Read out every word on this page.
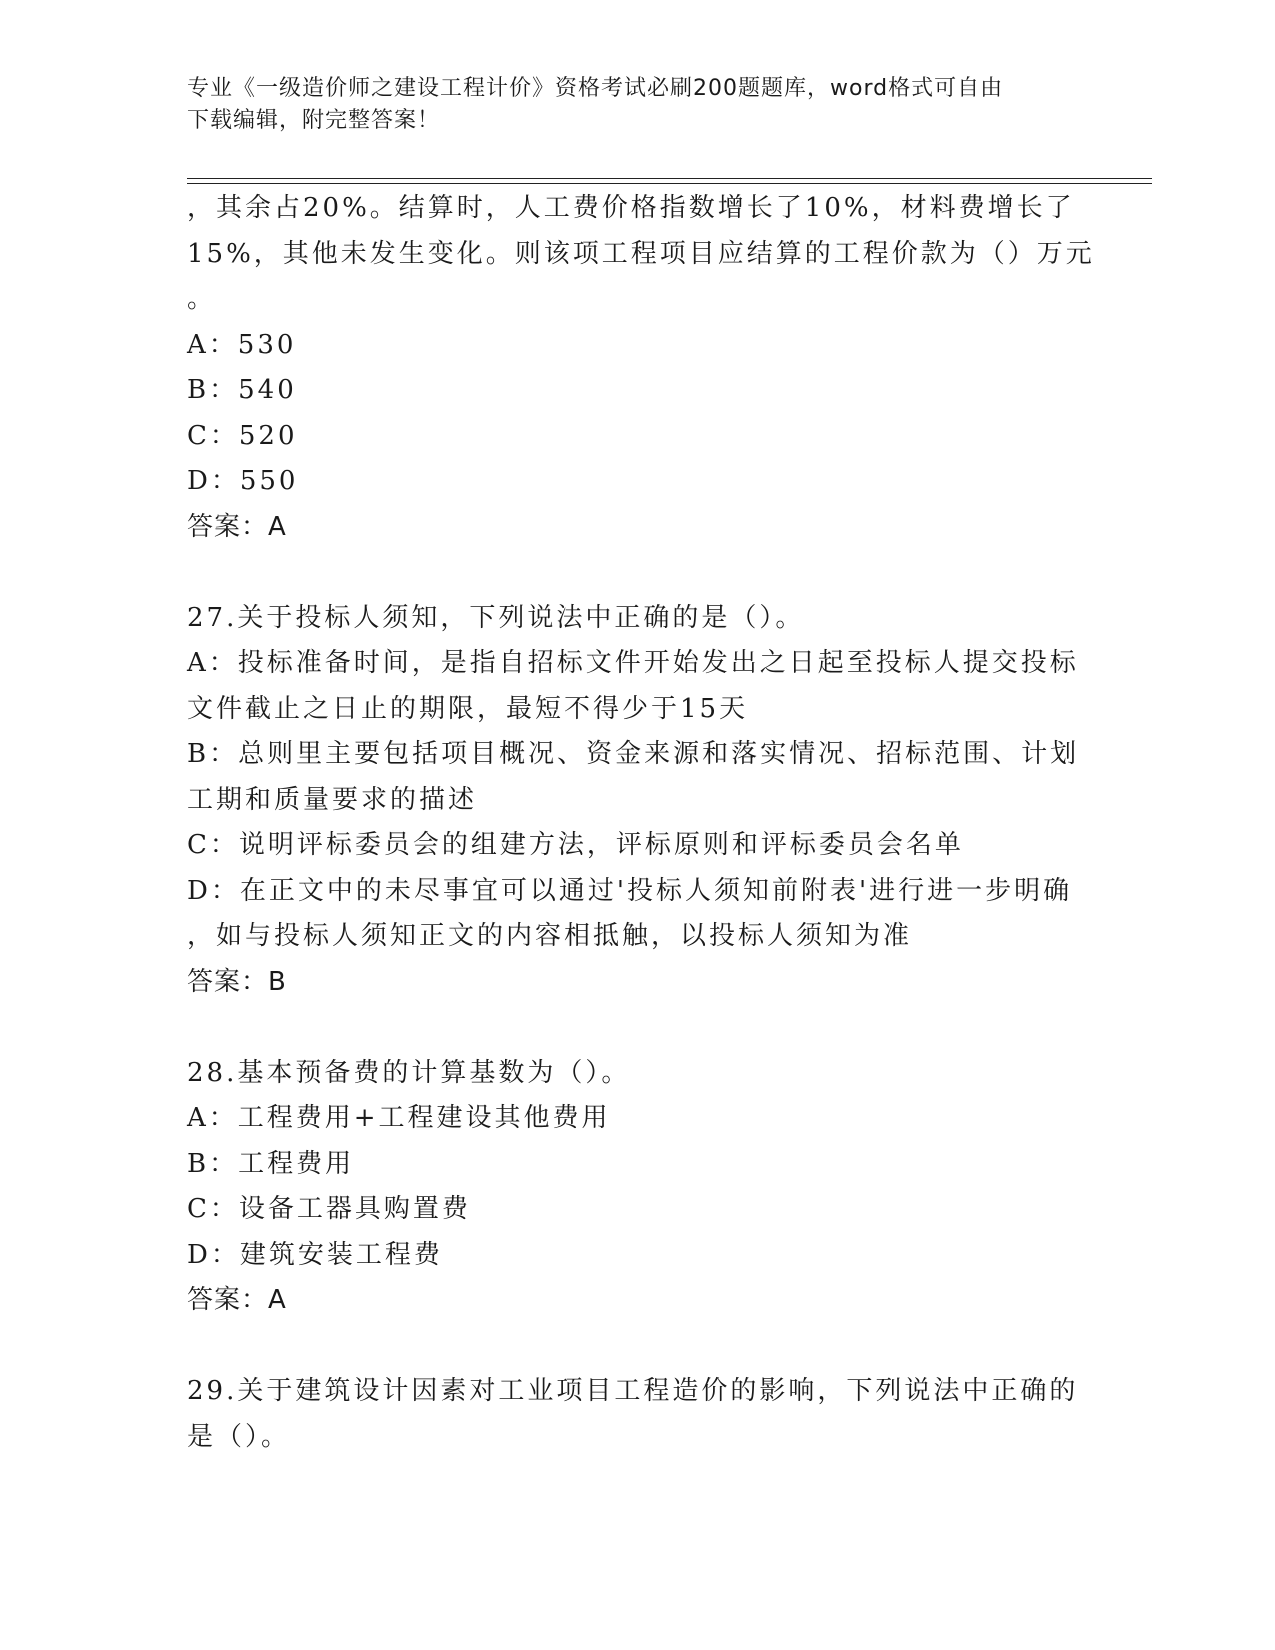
专业《一级造价师之建设工程计价》资格考试必刷200题题库，word格式可自由
下载编辑，附完整答案！
，其余占20%。结算时，人工费价格指数增长了10%，材料费增长了
15%，其他未发生变化。则该项工程项目应结算的工程价款为（）万元
。
A：530
B：540
C：520
D：550
答案：A
27.关于投标人须知，下列说法中正确的是（）。
A：投标准备时间，是指自招标文件开始发出之日起至投标人提交投标
文件截止之日止的期限，最短不得少于15天
B：总则里主要包括项目概况、资金来源和落实情况、招标范围、计划
工期和质量要求的描述
C：说明评标委员会的组建方法，评标原则和评标委员会名单
D：在正文中的未尽事宜可以通过'投标人须知前附表'进行进一步明确
，如与投标人须知正文的内容相抵触，以投标人须知为准
答案：B
28.基本预备费的计算基数为（）。
A：工程费用+工程建设其他费用
B：工程费用
C：设备工器具购置费
D：建筑安装工程费
答案：A
29.关于建筑设计因素对工业项目工程造价的影响，下列说法中正确的
是（）。
